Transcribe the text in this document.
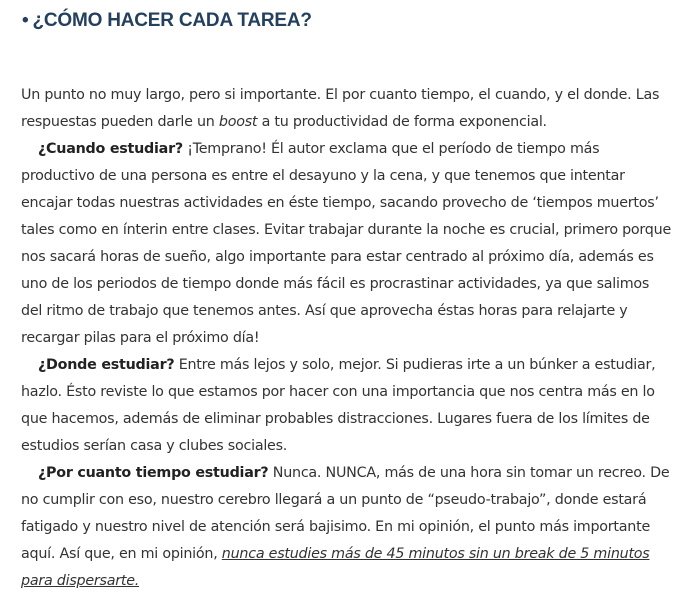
• ¿CÓMO HACER CADA TAREA?

Un punto no muy largo, pero si importante. El por cuanto tiempo, el cuando, y el donde. Las respuestas pueden darle un boost a tu productividad de forma exponencial.

¿Cuando estudiar? ¡Temprano! Él autor exclama que el período de tiempo más productivo de una persona es entre el desayuno y la cena, y que tenemos que intentar encajar todas nuestras actividades en éste tiempo, sacando provecho de ‘tiempos muertos’ tales como en ínterin entre clases. Evitar trabajar durante la noche es crucial, primero porque nos sacará horas de sueño, algo importante para estar centrado al próximo día, además es uno de los periodos de tiempo donde más fácil es procrastinar actividades, ya que salimos del ritmo de trabajo que tenemos antes. Así que aprovecha éstas horas para relajarte y recargar pilas para el próximo día!

¿Donde estudiar? Entre más lejos y solo, mejor. Si pudieras irte a un búnker a estudiar, hazlo. Ésto reviste lo que estamos por hacer con una importancia que nos centra más en lo que hacemos, además de eliminar probables distracciones. Lugares fuera de los límites de estudios serían casa y clubes sociales.

¿Por cuanto tiempo estudiar? Nunca. NUNCA, más de una hora sin tomar un recreo. De no cumplir con eso, nuestro cerebro llegará a un punto de “pseudo-trabajo”, donde estará fatigado y nuestro nivel de atención será bajisimo. En mi opinión, el punto más importante aquí. Así que, en mi opinión, nunca estudies más de 45 minutos sin un break de 5 minutos para dispersarte.
